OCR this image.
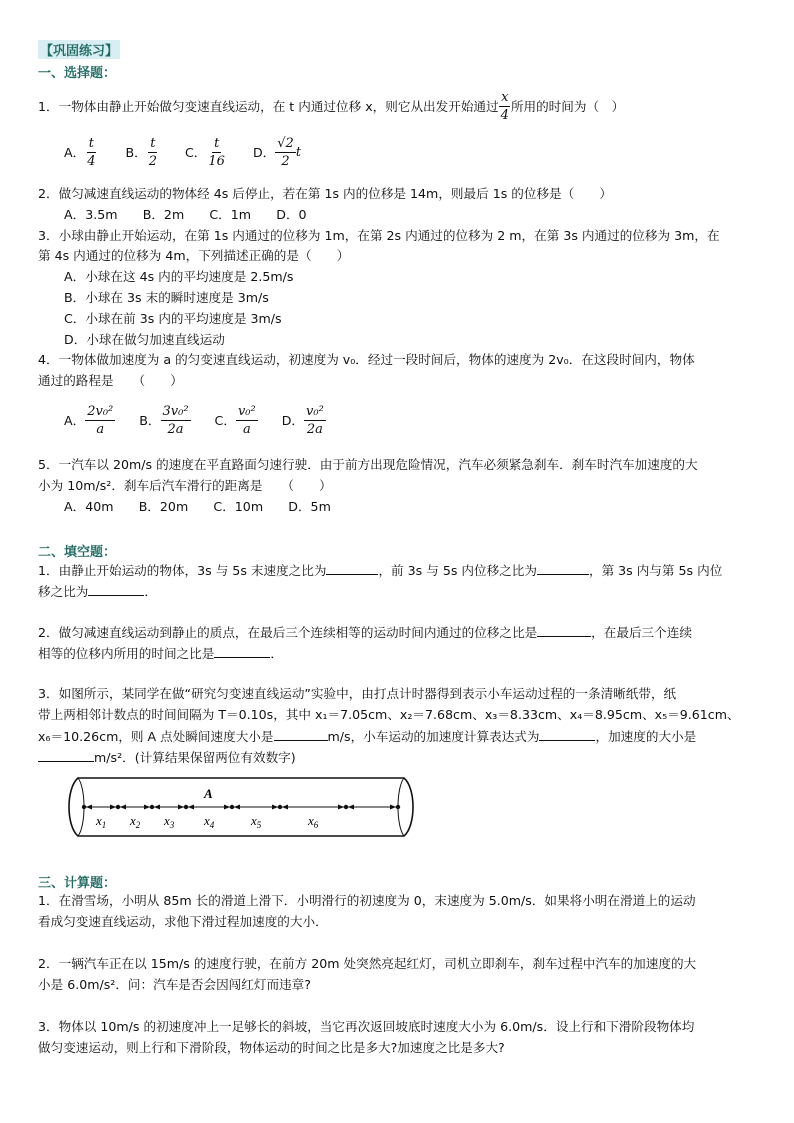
【巩固练习】
一、选择题：
1．一物体由静止开始做匀变速直线运动，在 t 内通过位移 x，则它从出发开始通过 $\frac{x}{4}$ 所用的时间为（　）
A． $\frac{t}{4}$ B． $\frac{t}{2}$ C． $\frac{t}{16}$ D． $\frac{√2}{2}$ t
2．做匀减速直线运动的物体经 4s 后停止，若在第 1s 内的位移是 14m，则最后 1s 的位移是（　　）
A．3.5m　　B．2m　　C．1m　　D．0
3．小球由静止开始运动，在第 1s 内通过的位移为 1m，在第 2s 内通过的位移为 2 m，在第 3s 内通过的位移为 3m，在
第 4s 内通过的位移为 4m，下列描述正确的是（　　）
A．小球在这 4s 内的平均速度是 2.5m/s
B．小球在 3s 末的瞬时速度是 3m/s
C．小球在前 3s 内的平均速度是 3m/s
D．小球在做匀加速直线运动
4．一物体做加速度为 a 的匀变速直线运动，初速度为 v₀．经过一段时间后，物体的速度为 2v₀．在这段时间内，物体
通过的路程是　　（　　）
A． $\frac{\text{2v₀²}}{a}$ B． $\frac{\text{3v₀²}}{2a}$ C． $\frac{\text{v₀²}}{a}$ D． $\frac{\text{v₀²}}{2a}$
5．一汽车以 20m/s 的速度在平直路面匀速行驶．由于前方出现危险情况，汽车必须紧急刹车．刹车时汽车加速度的大
小为 10m/s²．刹车后汽车滑行的距离是　　（　　）
A．40m　　B．20m　　C．10m　　D．5m
二、填空题：
1．由静止开始运动的物体，3s 与 5s 末速度之比为	，前 3s 与 5s 内位移之比为	，第 3s 内与第 5s 内位
移之比为	．
2．做匀减速直线运动到静止的质点，在最后三个连续相等的运动时间内通过的位移之比是	，在最后三个连续
相等的位移内所用的时间之比是	．
3．如图所示，某同学在做“研究匀变速直线运动”实验中，由打点计时器得到表示小车运动过程的一条清晰纸带，纸
带上两相邻计数点的时间间隔为 T＝0.10s，其中 x₁＝7.05cm、x₂＝7.68cm、x₃＝8.33cm、x₄＝8.95cm、x₅＝9.61cm、
x₆＝10.26cm，则 A 点处瞬间速度大小是	m/s，小车运动的加速度计算表达式为	，加速度的大小是
m/s²．(计算结果保留两位有效数字)
$x_1$ $x_2$ $x_3$ $x_4$	$x_5$	$x_6$
A
三、计算题：
1．在滑雪场，小明从 85m 长的滑道上滑下．小明滑行的初速度为 0，末速度为 5.0m/s．如果将小明在滑道上的运动
看成匀变速直线运动，求他下滑过程加速度的大小．
2．一辆汽车正在以 15m/s 的速度行驶，在前方 20m 处突然亮起红灯，司机立即刹车，刹车过程中汽车的加速度的大
小是 6.0m/s²．问：汽车是否会因闯红灯而违章?
3．物体以 10m/s 的初速度冲上一足够长的斜坡，当它再次返回坡底时速度大小为 6.0m/s．设上行和下滑阶段物体均
做匀变速运动，则上行和下滑阶段，物体运动的时间之比是多大?加速度之比是多大?
